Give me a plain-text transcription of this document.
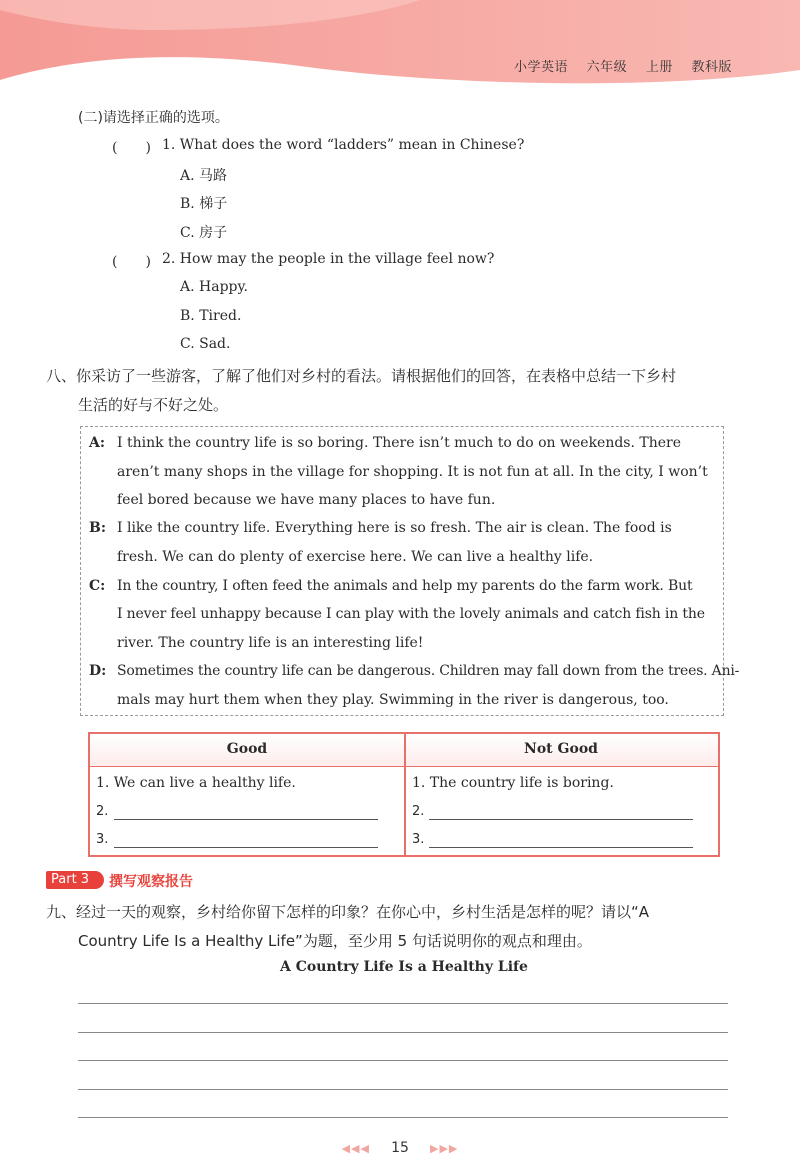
小学英语 六年级 上册 教科版
(二)请选择正确的选项。
(　　) 1. What does the word “ladders” mean in Chinese?
A. 马路
B. 梯子
C. 房子
(　　) 2. How may the people in the village feel now?
A. Happy.
B. Tired.
C. Sad.
八、你采访了一些游客，了解了他们对乡村的看法。请根据他们的回答，在表格中总结一下乡村
生活的好与不好之处。
A: I think the country life is so boring. There isn’t much to do on weekends. There
aren’t many shops in the village for shopping. It is not fun at all. In the city, I won’t
feel bored because we have many places to have fun.
B: I like the country life. Everything here is so fresh. The air is clean. The food is
fresh. We can do plenty of exercise here. We can live a healthy life.
C: In the country, I often feed the animals and help my parents do the farm work. But
I never feel unhappy because I can play with the lovely animals and catch fish in the
river. The country life is an interesting life!
D: Sometimes the country life can be dangerous. Children may fall down from the trees. Ani-
mals may hurt them when they play. Swimming in the river is dangerous, too.
Good	Not Good
1. We can live a healthy life.
2.
3.
1. The country life is boring.
2.
3.
Part 3	撰写观察报告
九、经过一天的观察，乡村给你留下怎样的印象？在你心中，乡村生活是怎样的呢？请以“A
Country Life Is a Healthy Life”为题，至少用 5 句话说明你的观点和理由。
A Country Life Is a Healthy Life
◀◀◀ 15 ▶▶▶
